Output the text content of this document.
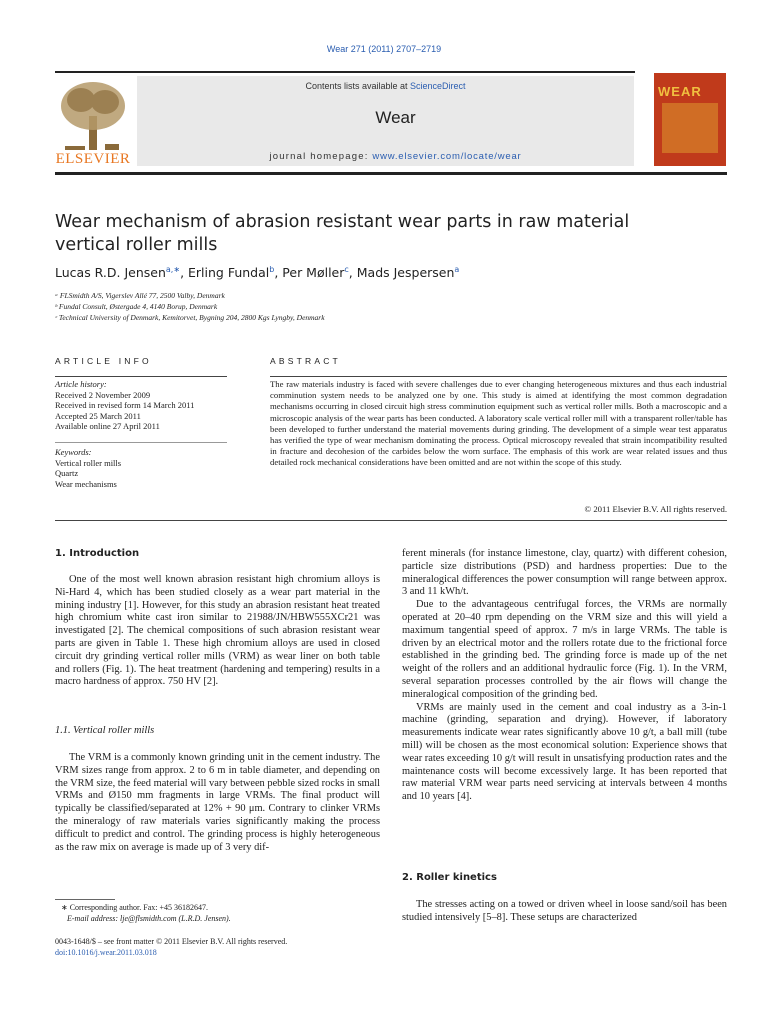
Wear 271 (2011) 2707–2719
ELSEVIER
Contents lists available at ScienceDirect
Wear
journal homepage: www.elsevier.com/locate/wear
WEAR
Wear mechanism of abrasion resistant wear parts in raw material
vertical roller mills
Lucas R.D. Jensen$^{a,∗}$, Erling Fundal$^b$, Per Møller$^c$, Mads Jespersen$^a$
ᵃ FLSmidth A/S, Vigerslev Allé 77, 2500 Valby, Denmark
ᵇ Fundal Consult, Østergade 4, 4140 Borup, Denmark
ᶜ Technical University of Denmark, Kemitorvet, Bygning 204, 2800 Kgs Lyngby, Denmark
ARTICLE INFO	ABSTRACT
Article history:
Received 2 November 2009
Received in revised form 14 March 2011
Accepted 25 March 2011
Available online 27 April 2011
Keywords:
Vertical roller mills
Quartz
Wear mechanisms
The raw materials industry is faced with severe challenges due to ever changing heterogeneous mixtures and thus each industrial comminution system needs to be analyzed one by one. This study is aimed at identifying the most common degradation mechanisms occurring in closed circuit high stress comminution equipment such as vertical roller mills. Both a macroscopic and a microscopic analysis of the wear parts has been conducted. A laboratory scale vertical roller mill with a transparent roller/table has been developed to further understand the material movements during grinding. The development of a simple wear test apparatus has verified the type of wear mechanism dominating the process. Optical microscopy revealed that strain incompatibility resulted in fracture and decohesion of the carbides below the worn surface. The emphasis of this work are wear related issues and thus detailed rock mechanical considerations have been omitted and are not within the scope of this study.
© 2011 Elsevier B.V. All rights reserved.
1. Introduction

One of the most well known abrasion resistant high chromium alloys is Ni-Hard 4, which has been studied closely as a wear part material in the mining industry [1]. However, for this study an abrasion resistant heat treated high chromium white cast iron similar to 21988/JN/HBW555XCr21 was investigated [2]. The chemical compositions of such abrasion resistant wear parts are given in Table 1. These high chromium alloys are used in closed circuit dry grinding vertical roller mills (VRM) as wear liner on both table and rollers (Fig. 1). The heat treatment (hardening and tempering) results in a macro hardness of approx. 750 HV [2].

1.1. Vertical roller mills

The VRM is a commonly known grinding unit in the cement industry. The VRM sizes range from approx. 2 to 6 m in table diameter, and depending on the VRM size, the feed material will vary between pebble sized rocks in small VRMs and Ø150 mm fragments in large VRMs. The final product will typically be classified/separated at 12% + 90 μm. Contrary to clinker VRMs the mineralogy of raw materials varies significantly making the process difficult to predict and control. The grinding process is highly heterogeneous as the raw mix on average is made up of 3 very dif-

∗ Corresponding author. Fax: +45 36182647.
E-mail address: lje@flsmidth.com (L.R.D. Jensen).
0043-1648/$ – see front matter © 2011 Elsevier B.V. All rights reserved.
doi:10.1016/j.wear.2011.03.018

ferent minerals (for instance limestone, clay, quartz) with different cohesion, particle size distributions (PSD) and hardness properties: Due to the mineralogical differences the power consumption will range between approx. 3 and 11 kWh/t.

Due to the advantageous centrifugal forces, the VRMs are normally operated at 20–40 rpm depending on the VRM size and this will yield a maximum tangential speed of approx. 7 m/s in large VRMs. The table is driven by an electrical motor and the rollers rotate due to the frictional force established in the grinding bed. The grinding force is made up of the net weight of the rollers and an additional hydraulic force (Fig. 1). In the VRM, several separation processes controlled by the air flows will change the mineralogical composition of the grinding bed.

VRMs are mainly used in the cement and coal industry as a 3-in-1 machine (grinding, separation and drying). However, if laboratory measurements indicate wear rates significantly above 10 g/t, a ball mill (tube mill) will be chosen as the most economical solution: Experience shows that wear rates exceeding 10 g/t will result in unsatisfying production rates and the maintenance costs will become excessively large. It has been reported that raw material VRM wear parts need servicing at intervals between 4 months and 10 years [4].

2. Roller kinetics

The stresses acting on a towed or driven wheel in loose sand/soil has been studied intensively [5–8]. These setups are characterized
